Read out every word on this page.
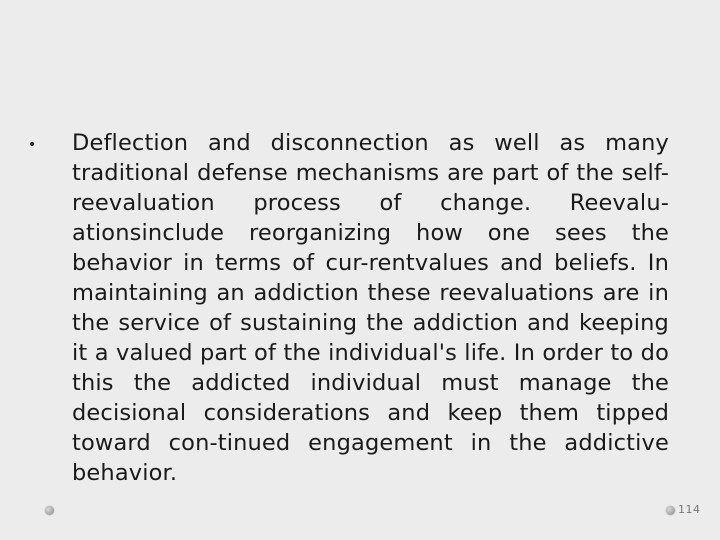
• Deflection and disconnection as well as many traditional defense mechanisms are part of the self-reevaluation process of change. Reevalu-ationsinclude reorganizing how one sees the behavior in terms of cur-rentvalues and beliefs. In maintaining an addiction these reevaluations are in the service of sustaining the addiction and keeping it a valued part of the individual's life. In order to do this the addicted individual must manage the decisional considerations and keep them tipped toward con-tinued engagement in the addictive behavior.

114
